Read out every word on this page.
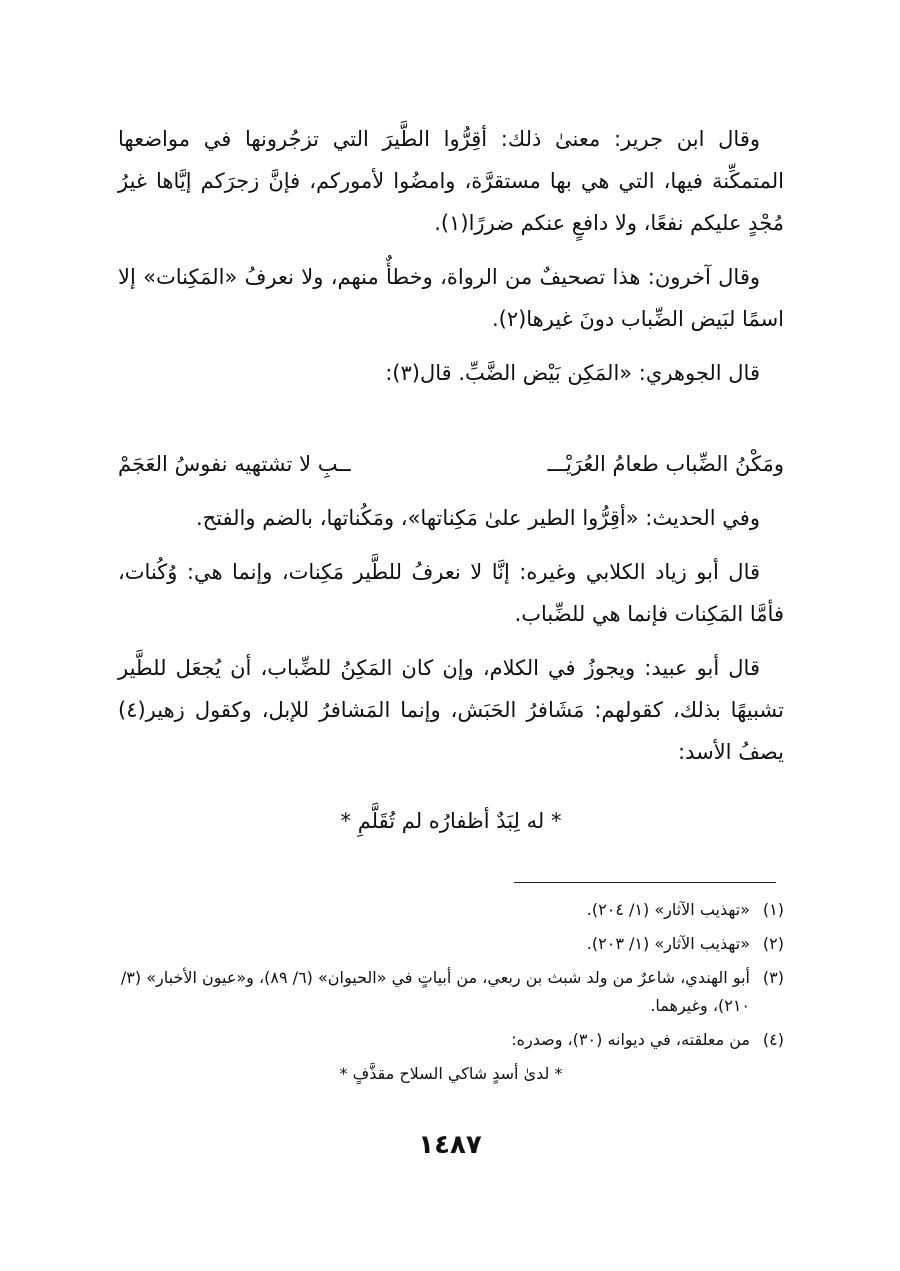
وقال ابن جرير: معنىٰ ذلك: أقِرُّوا الطَّيرَ التي تزجُرونها في مواضعها المتمكِّنة فيها، التي هي بها مستقرَّة، وامضُوا لأموركم، فإنَّ زجرَكم إيَّاها غيرُ مُجْدٍ عليكم نفعًا، ولا دافعٍ عنكم ضررًا(١).

وقال آخرون: هذا تصحيفٌ من الرواة، وخطأٌ منهم، ولا نعرفُ «المَكِنات» إلا اسمًا لبَيض الضِّباب دونَ غيرها(٢).

قال الجوهري: «المَكِن بَيْض الضَّبِّ. قال(٣):

ومَكْنُ الضِّباب طعامُ العُرَيْـــ
ــبِ لا تشتهيه نفوسُ العَجَمْ

وفي الحديث: «أقِرُّوا الطير علىٰ مَكِناتها»، ومَكُناتها، بالضم والفتح.

قال أبو زياد الكلابي وغيره: إنَّا لا نعرفُ للطَّير مَكِنات، وإنما هي: وُكُنات، فأمَّا المَكِنات فإنما هي للضِّباب.

قال أبو عبيد: ويجوزُ في الكلام، وإن كان المَكِنُ للضِّباب، أن يُجعَل للطَّير تشبيهًا بذلك، كقولهم: مَشَافرُ الحَبَش، وإنما المَشافرُ للإبل، وكقول زهير(٤) يصفُ الأسد:

* له لِبَدٌ أظفارُه لم تُقَلَّمِ *
(١)
«تهذيب الآثار» (١/ ٢٠٤).
(٢)
«تهذيب الآثار» (١/ ٢٠٣).
(٣)
أبو الهندي، شاعرٌ من ولد شبث بن ربعي، من أبياتٍ في «الحيوان» (٦/ ٨٩)، و«عيون الأخبار» (٣/ ٢١٠)، وغيرهما.
(٤)
من معلقته، في ديوانه (٣٠)، وصدره:
* لدىٰ أسدٍ شاكي السلاح مقذَّفٍ *
١٤٨٧
